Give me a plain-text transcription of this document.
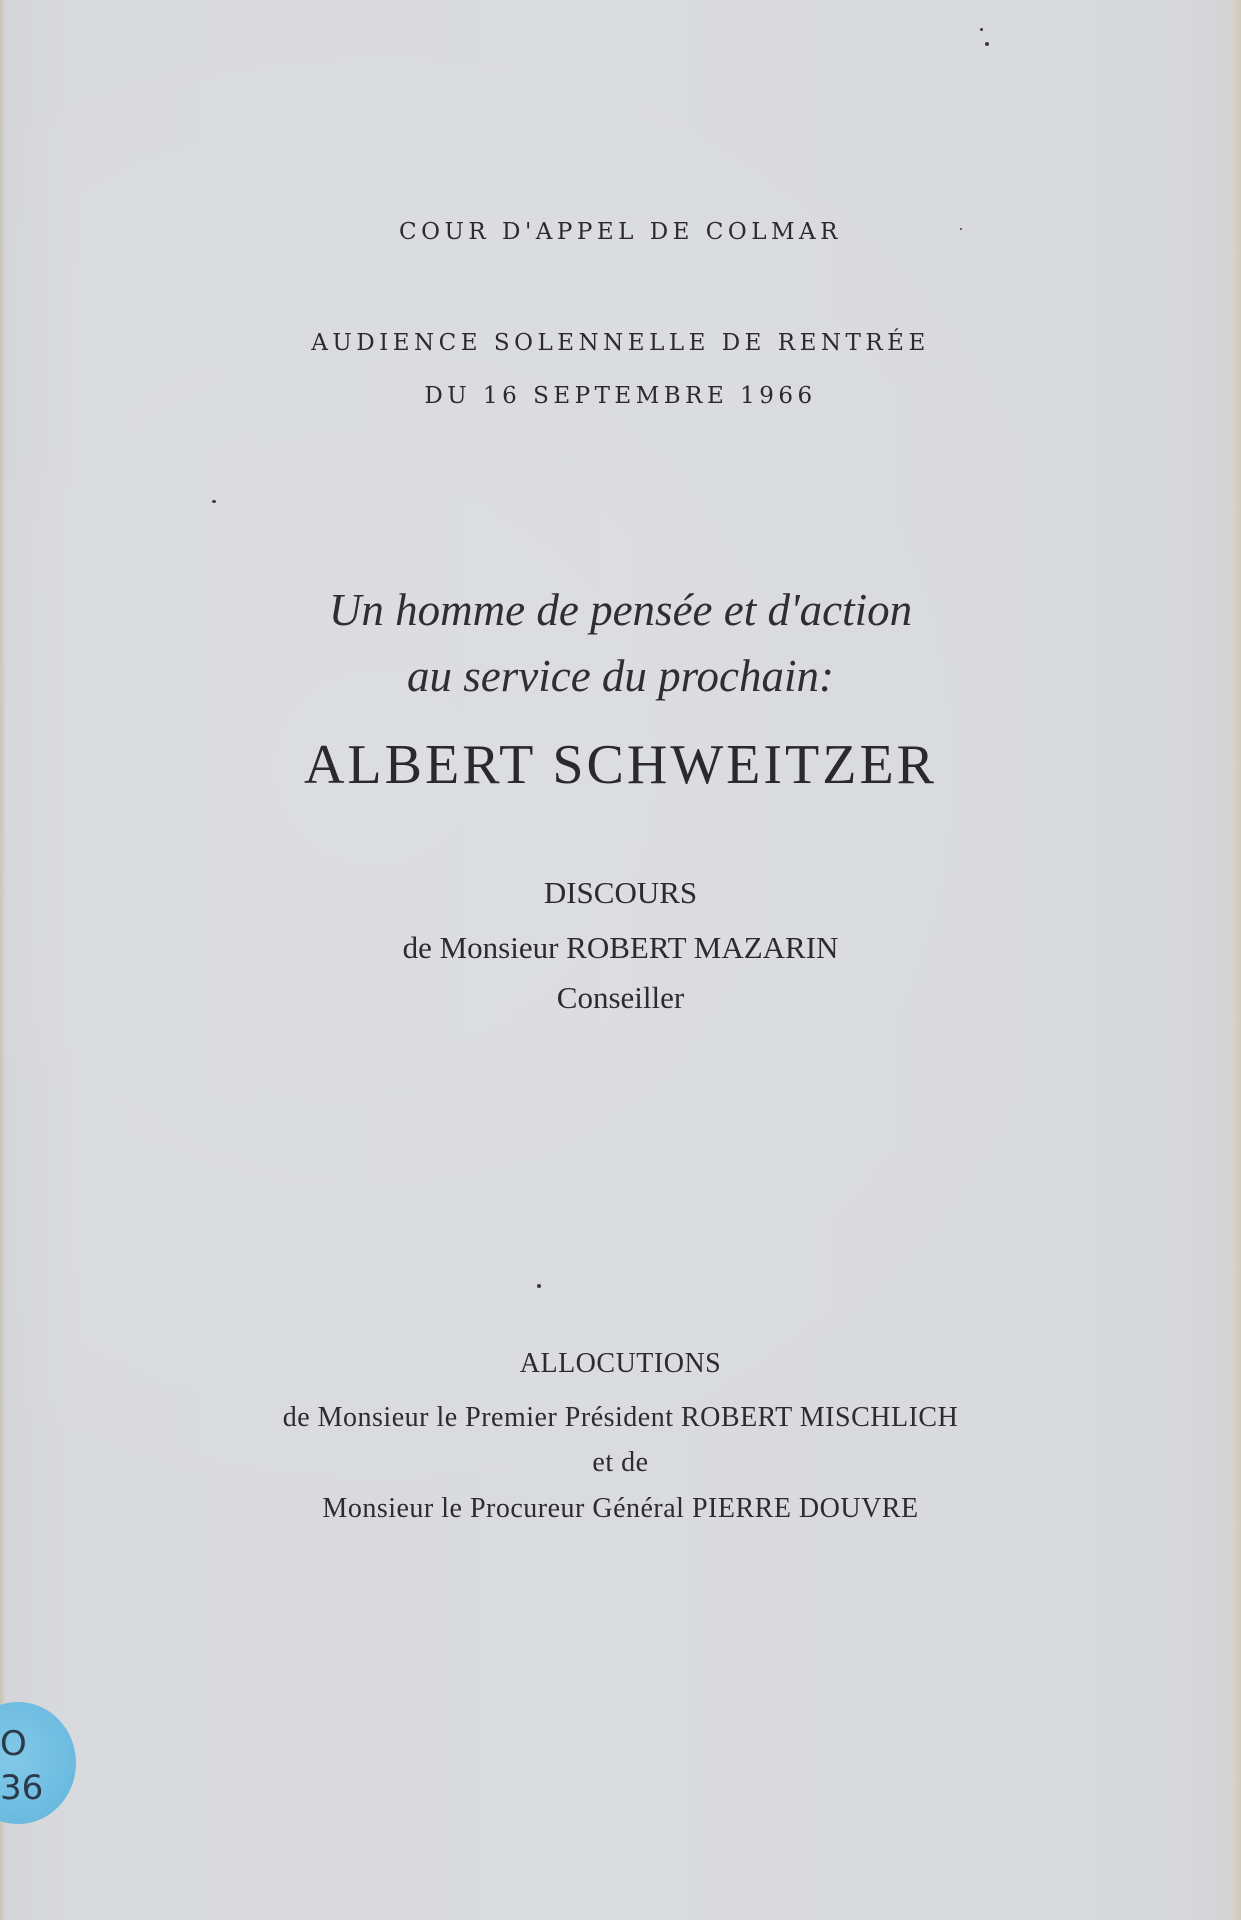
COUR D'APPEL DE COLMAR
AUDIENCE SOLENNELLE DE RENTRÉE
DU 16 SEPTEMBRE 1966
Un homme de pensée et d'action
au service du prochain:
ALBERT SCHWEITZER
DISCOURS
de Monsieur ROBERT MAZARIN
Conseiller
ALLOCUTIONS
de Monsieur le Premier Président ROBERT MISCHLICH
et de
Monsieur le Procureur Général PIERRE DOUVRE
O
36
